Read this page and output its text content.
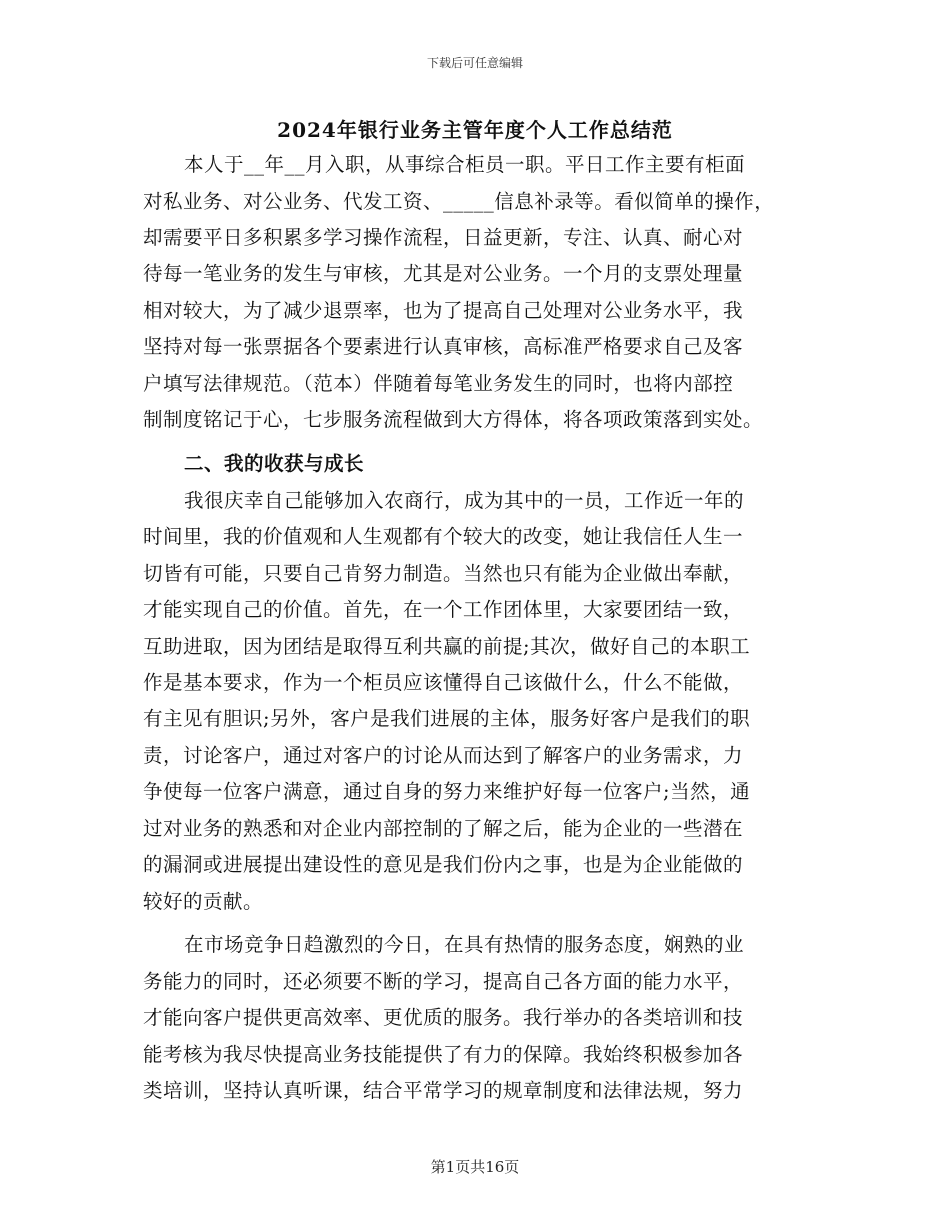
下载后可任意编辑
2024年银行业务主管年度个人工作总结范
本人于__年__月入职，从事综合柜员一职。平日工作主要有柜面
对私业务、对公业务、代发工资、_____信息补录等。看似简单的操作，
却需要平日多积累多学习操作流程，日益更新，专注、认真、耐心对
待每一笔业务的发生与审核，尤其是对公业务。一个月的支票处理量
相对较大，为了减少退票率，也为了提高自己处理对公业务水平，我
坚持对每一张票据各个要素进行认真审核，高标准严格要求自己及客
户填写法律规范。（范本）伴随着每笔业务发生的同时，也将内部控
制制度铭记于心，七步服务流程做到大方得体，将各项政策落到实处。
二、我的收获与成长
我很庆幸自己能够加入农商行，成为其中的一员，工作近一年的
时间里，我的价值观和人生观都有个较大的改变，她让我信任人生一
切皆有可能，只要自己肯努力制造。当然也只有能为企业做出奉献，
才能实现自己的价值。首先，在一个工作团体里，大家要团结一致，
互助进取，因为团结是取得互利共赢的前提;其次，做好自己的本职工
作是基本要求，作为一个柜员应该懂得自己该做什么，什么不能做，
有主见有胆识;另外，客户是我们进展的主体，服务好客户是我们的职
责，讨论客户，通过对客户的讨论从而达到了解客户的业务需求，力
争使每一位客户满意，通过自身的努力来维护好每一位客户;当然，通
过对业务的熟悉和对企业内部控制的了解之后，能为企业的一些潜在
的漏洞或进展提出建设性的意见是我们份内之事，也是为企业能做的
较好的贡献。
在市场竞争日趋激烈的今日，在具有热情的服务态度，娴熟的业
务能力的同时，还必须要不断的学习，提高自己各方面的能力水平，
才能向客户提供更高效率、更优质的服务。我行举办的各类培训和技
能考核为我尽快提高业务技能提供了有力的保障。我始终积极参加各
类培训，坚持认真听课，结合平常学习的规章制度和法律法规，努力
第1页共16页
